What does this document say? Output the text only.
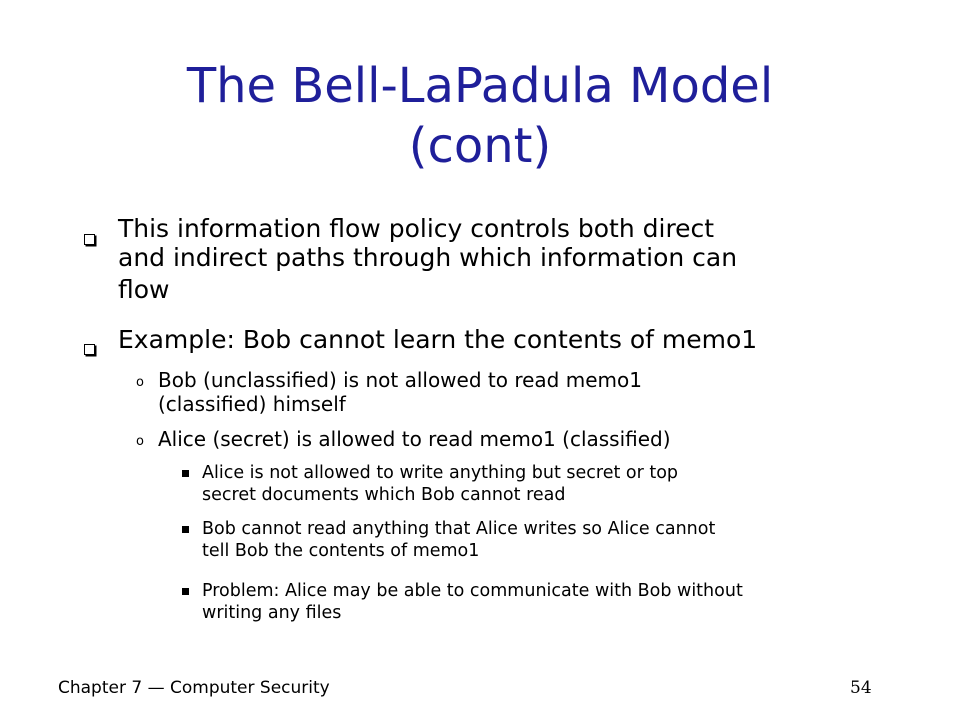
The Bell-LaPadula Model
(cont)
This information flow policy controls both direct
and indirect paths through which information can
flow
Example: Bob cannot learn the contents of memo1
o Bob (unclassified) is not allowed to read memo1
(classified) himself
o Alice (secret) is allowed to read memo1 (classified)
Alice is not allowed to write anything but secret or top
secret documents which Bob cannot read
Bob cannot read anything that Alice writes so Alice cannot
tell Bob the contents of memo1
Problem: Alice may be able to communicate with Bob without
writing any files
Chapter 7 — Computer Security	54
